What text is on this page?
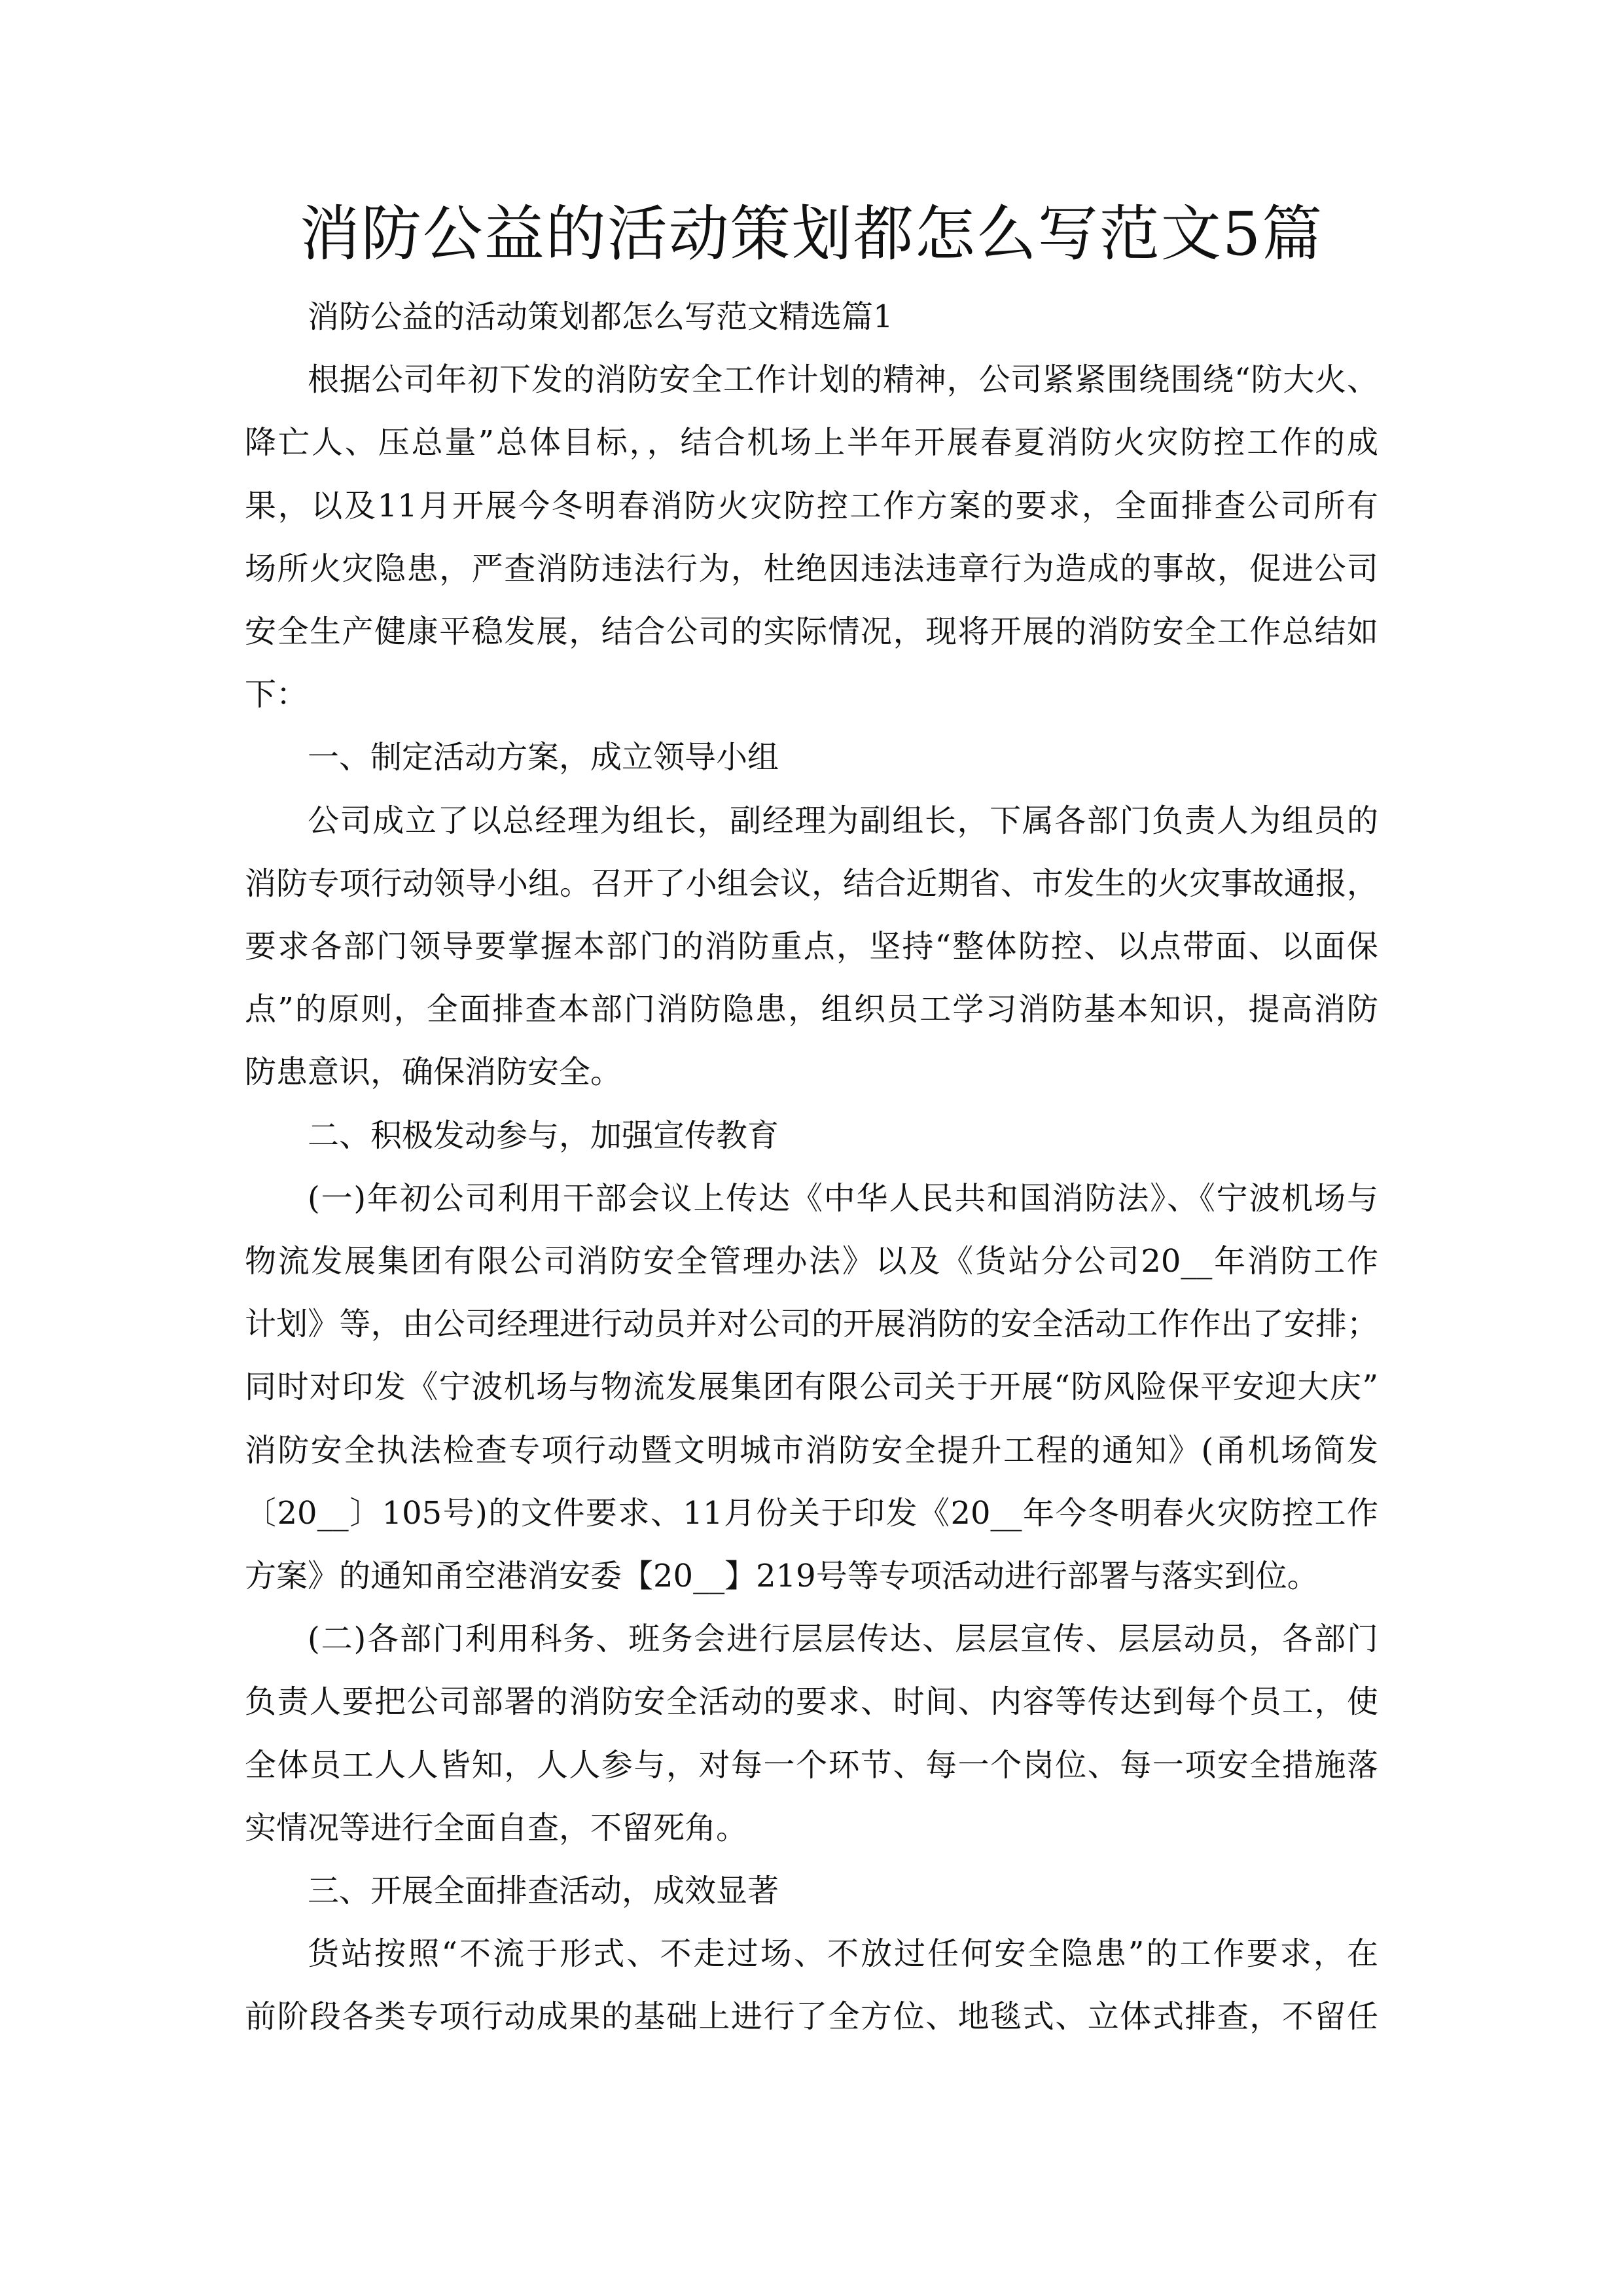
消防公益的活动策划都怎么写范文5篇
消防公益的活动策划都怎么写范文精选篇1
根据公司年初下发的消防安全工作计划的精神，公司紧紧围绕围绕“防大火、
降亡人、压总量”总体目标，，结合机场上半年开展春夏消防火灾防控工作的成
果，以及11月开展今冬明春消防火灾防控工作方案的要求，全面排查公司所有
场所火灾隐患，严查消防违法行为，杜绝因违法违章行为造成的事故，促进公司
安全生产健康平稳发展，结合公司的实际情况，现将开展的消防安全工作总结如
下：
一、制定活动方案，成立领导小组
公司成立了以总经理为组长，副经理为副组长，下属各部门负责人为组员的
消防专项行动领导小组。召开了小组会议，结合近期省、市发生的火灾事故通报，
要求各部门领导要掌握本部门的消防重点，坚持“整体防控、以点带面、以面保
点”的原则，全面排查本部门消防隐患，组织员工学习消防基本知识，提高消防
防患意识，确保消防安全。
二、积极发动参与，加强宣传教育
(一)年初公司利用干部会议上传达《中华人民共和国消防法》、《宁波机场与
物流发展集团有限公司消防安全管理办法》以及《货站分公司20__年消防工作
计划》等，由公司经理进行动员并对公司的开展消防的安全活动工作作出了安排；
同时对印发《宁波机场与物流发展集团有限公司关于开展“防风险保平安迎大庆”
消防安全执法检查专项行动暨文明城市消防安全提升工程的通知》(甬机场简发
〔20__〕105号)的文件要求、11月份关于印发《20__年今冬明春火灾防控工作
方案》的通知甬空港消安委【20__】219号等专项活动进行部署与落实到位。
(二)各部门利用科务、班务会进行层层传达、层层宣传、层层动员，各部门
负责人要把公司部署的消防安全活动的要求、时间、内容等传达到每个员工，使
全体员工人人皆知，人人参与，对每一个环节、每一个岗位、每一项安全措施落
实情况等进行全面自查，不留死角。
三、开展全面排查活动，成效显著
货站按照“不流于形式、不走过场、不放过任何安全隐患”的工作要求，在
前阶段各类专项行动成果的基础上进行了全方位、地毯式、立体式排查，不留任
